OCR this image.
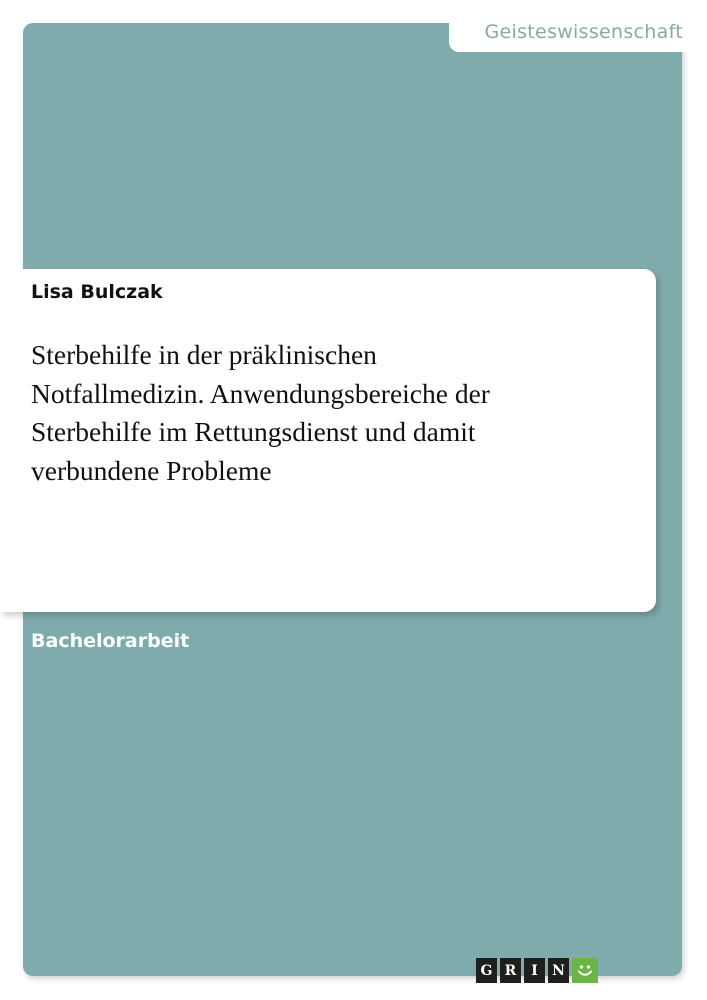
Geisteswissenschaft
Lisa Bulczak
Sterbehilfe in der präklinischen
Notfallmedizin. Anwendungsbereiche der
Sterbehilfe im Rettungsdienst und damit
verbundene Probleme
Bachelorarbeit
G R	I	N
